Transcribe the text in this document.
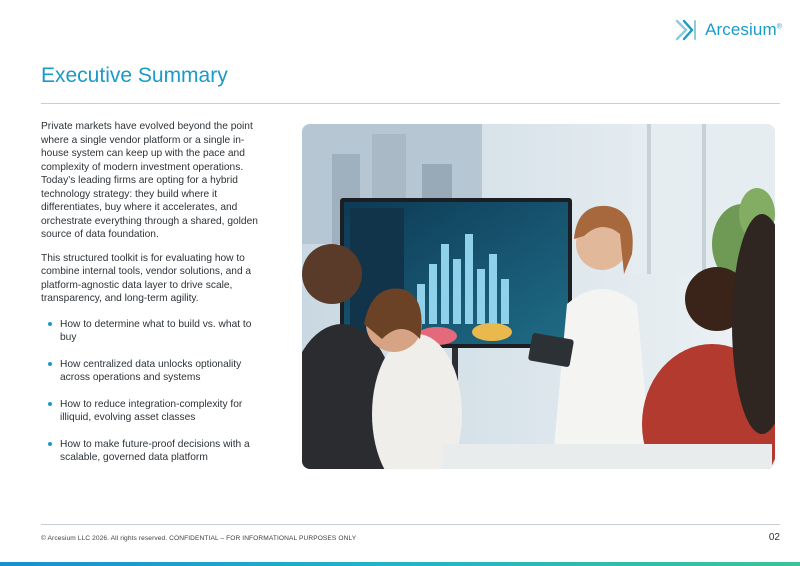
Arcesium®
Executive Summary

Private markets have evolved beyond the point where a single vendor platform or a single in-house system can keep up with the pace and complexity of modern investment operations. Today’s leading firms are opting for a hybrid technology strategy: they build where it differentiates, buy where it accelerates, and orchestrate everything through a shared, golden source of data foundation.

This structured toolkit is for evaluating how to combine internal tools, vendor solutions, and a platform-agnostic data layer to drive scale, transparency, and long-term agility.

How to determine what to build vs. what to buy
How centralized data unlocks optionality across operations and systems
How to reduce integration-complexity for illiquid, evolving asset classes
How to make future-proof decisions with a scalable, governed data platform
© Arcesium LLC 2026. All rights reserved. CONFIDENTIAL – FOR INFORMATIONAL PURPOSES ONLY	02
